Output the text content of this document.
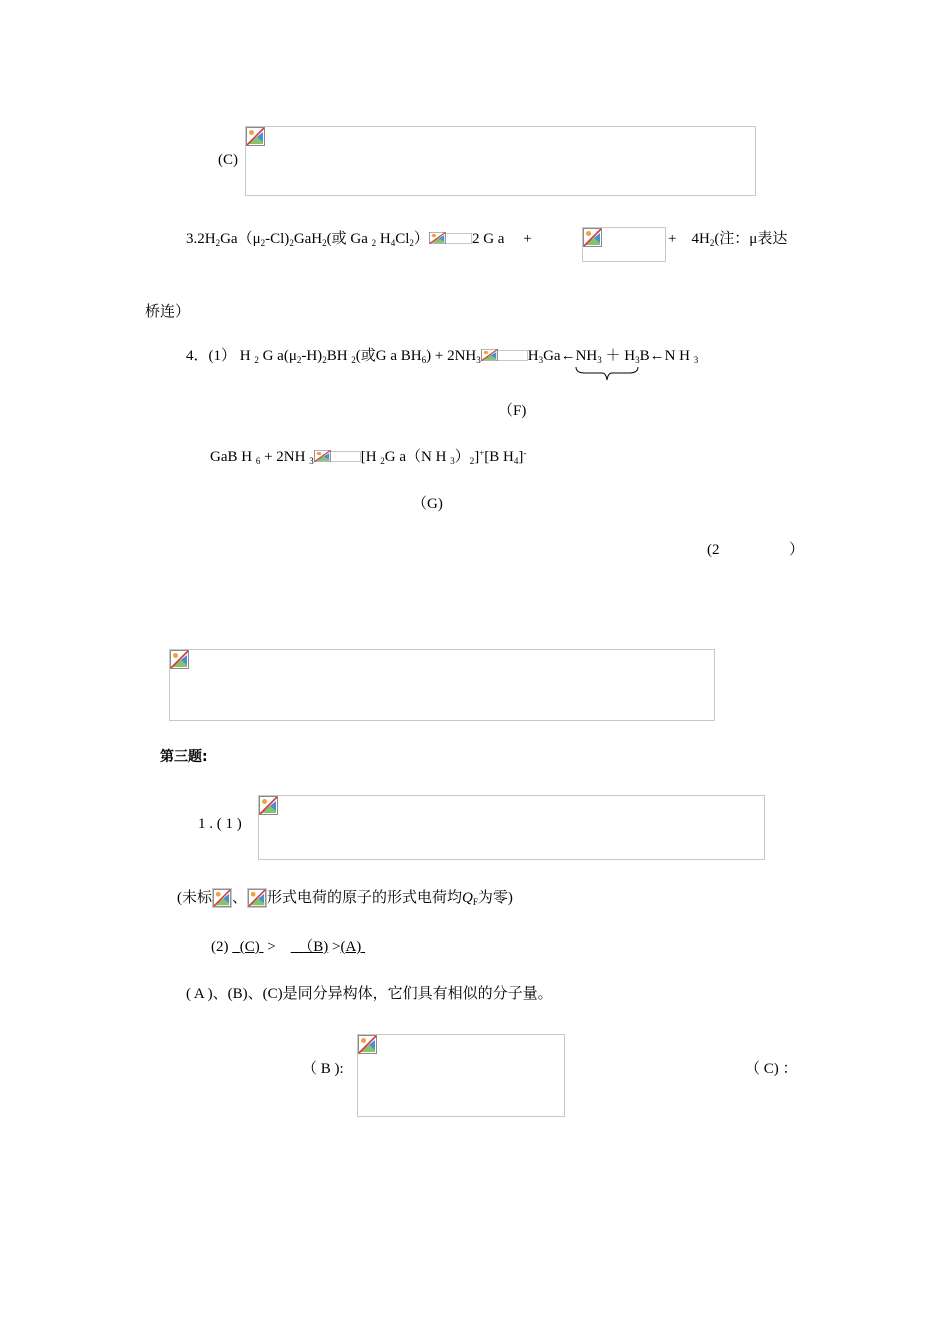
(C)
$3.2H_2Ga(\mu_2-Cl)_2GaH_2$(或 Ga $_2$ $H_4Cl_2$）	2 G a +	+ $4H_2$(注：μ表达
桥连）
4．(1） H $_2$ G $a(\mu_2-H)_2BH$ $_2$(或G a $BH_6) + 2NH_3$	$H_3Ga\leftarrow NH_3$ ＋ $H_3B\leftarrow N$ H $_3$
（F)
GaB H $_6$ + 2NH $_3$	[H $_2$G a（N H $_3)_2]^+[B$ $H_4]^-$
（G)
(2	）
第三题:
1 . ( 1 )
(未标 、 形式电荷的原子的形式电荷均$Q_F$为零)
(2) (C) > （B) >(A)
( A )、(B)、(C)是同分异构体，它们具有相似的分子量。
（ B ):	（ C) ：
